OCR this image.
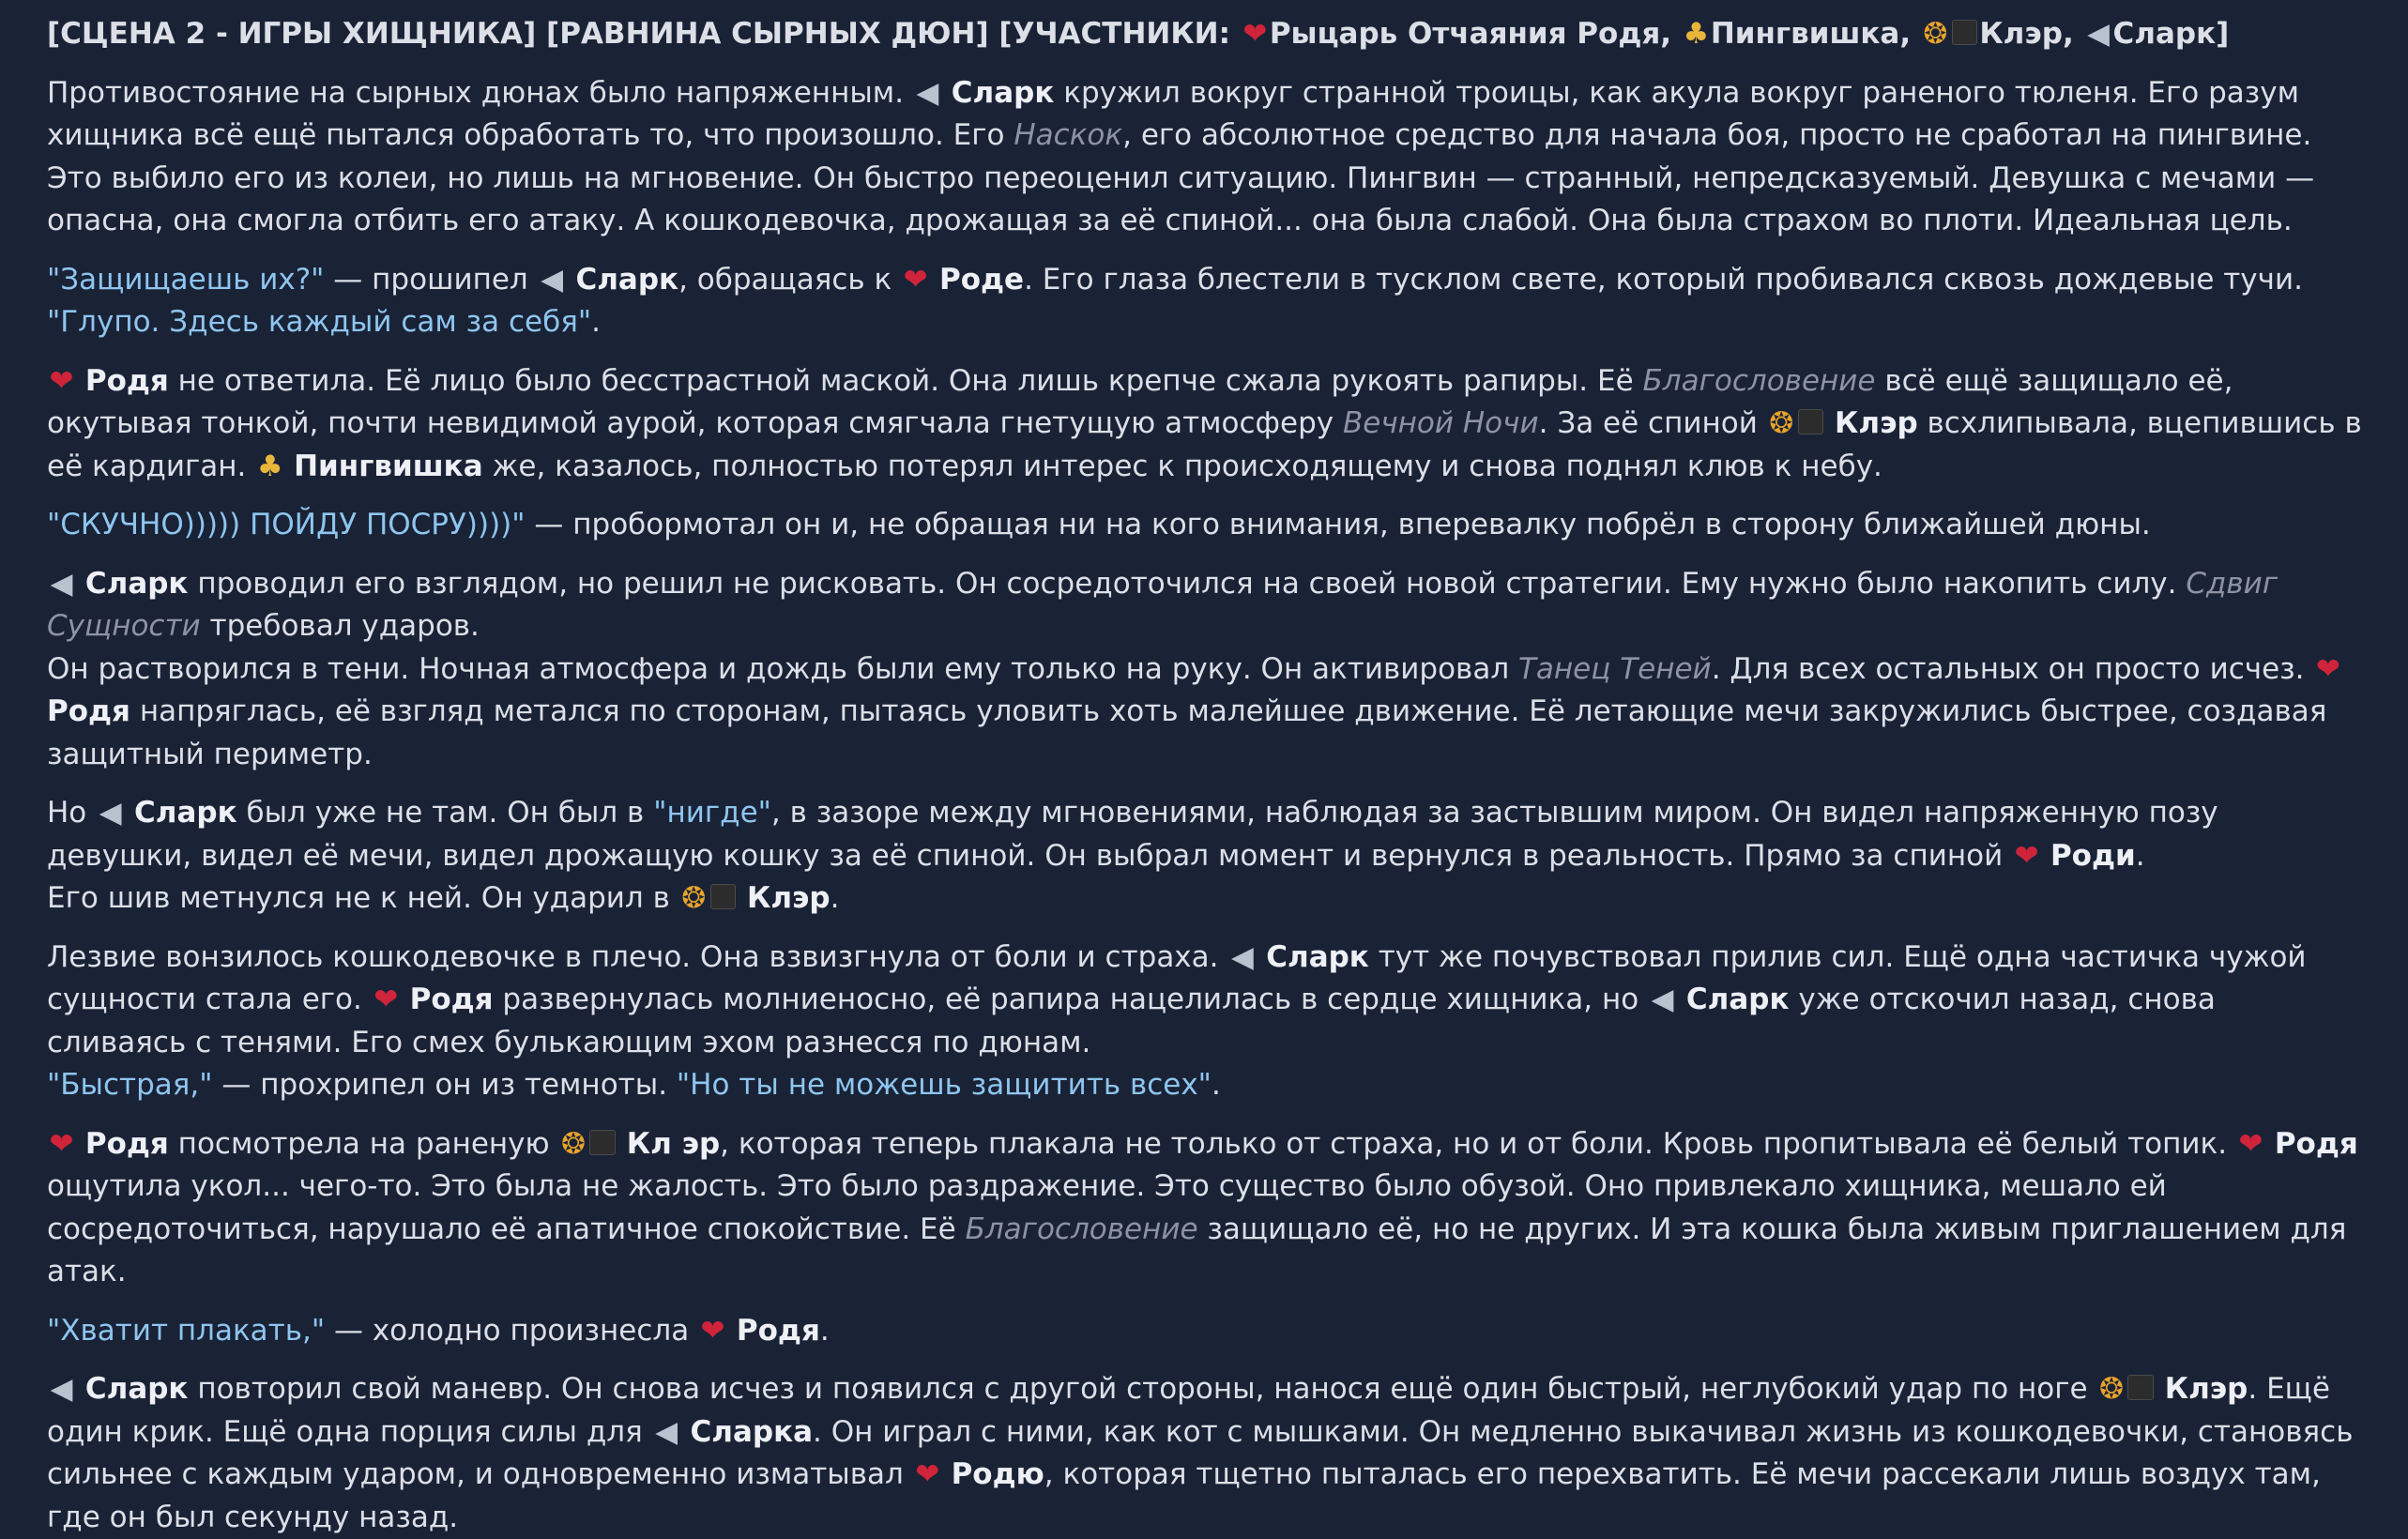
[СЦЕНА 2 - ИГРЫ ХИЩНИКА] [РАВНИНА СЫРНЫХ ДЮН] [УЧАСТНИКИ: ❤︎Рыцарь Отчаяния Родя, ♣Пингвишка, ❂ Клэр, ◀ Сларк]

Противостояние на сырных дюнах было напряженным. ◀ Сларк кружил вокруг странной троицы, как акула вокруг раненого тюленя. Его разум хищника всё ещё пытался обработать то, что произошло. Его Наскок, его абсолютное средство для начала боя, просто не сработал на пингвине. Это выбило его из колеи, но лишь на мгновение. Он быстро переоценил ситуацию. Пингвин — странный, непредсказуемый. Девушка с мечами — опасна, она смогла отбить его атаку. А кошкодевочка, дрожащая за её спиной... она была слабой. Она была страхом во плоти. Идеальная цель.

"Защищаешь их?" — прошипел ◀ Сларк, обращаясь к ❤︎ Роде. Его глаза блестели в тусклом свете, который пробивался сквозь дождевые тучи. "Глупо. Здесь каждый сам за себя".

❤︎ Родя не ответила. Её лицо было бесстрастной маской. Она лишь крепче сжала рукоять рапиры. Её Благословение всё ещё защищало её, окутывая тонкой, почти невидимой аурой, которая смягчала гнетущую атмосферу Вечной Ночи. За её спиной ❂ Клэр всхлипывала, вцепившись в её кардиган. ♣ Пингвишка же, казалось, полностью потерял интерес к происходящему и снова поднял клюв к небу.

"СКУЧНО))))) ПОЙДУ ПОСРУ))))" — пробормотал он и, не обращая ни на кого внимания, вперевалку побрёл в сторону ближайшей дюны.

◀ Сларк проводил его взглядом, но решил не рисковать. Он сосредоточился на своей новой стратегии. Ему нужно было накопить силу. Сдвиг Сущности требовал ударов.
Он растворился в тени. Ночная атмосфера и дождь были ему только на руку. Он активировал Танец Теней. Для всех остальных он просто исчез. ❤︎ Родя напряглась, её взгляд метался по сторонам, пытаясь уловить хоть малейшее движение. Её летающие мечи закружились быстрее, создавая защитный периметр.

Но ◀ Сларк был уже не там. Он был в "нигде", в зазоре между мгновениями, наблюдая за застывшим миром. Он видел напряженную позу девушки, видел её мечи, видел дрожащую кошку за её спиной. Он выбрал момент и вернулся в реальность. Прямо за спиной ❤︎ Роди.
Его шив метнулся не к ней. Он ударил в ❂ Клэр.

Лезвие вонзилось кошкодевочке в плечо. Она взвизгнула от боли и страха. ◀ Сларк тут же почувствовал прилив сил. Ещё одна частичка чужой сущности стала его. ❤︎ Родя развернулась молниеносно, её рапира нацелилась в сердце хищника, но ◀ Сларк уже отскочил назад, снова сливаясь с тенями. Его смех булькающим эхом разнесся по дюнам.
"Быстрая," — прохрипел он из темноты. "Но ты не можешь защитить всех".

❤︎ Родя посмотрела на раненую ❂ Кл эр, которая теперь плакала не только от страха, но и от боли. Кровь пропитывала её белый топик. ❤︎ Родя ощутила укол... чего-то. Это была не жалость. Это было раздражение. Это существо было обузой. Оно привлекало хищника, мешало ей сосредоточиться, нарушало её апатичное спокойствие. Её Благословение защищало её, но не других. И эта кошка была живым приглашением для атак.

"Хватит плакать," — холодно произнесла ❤︎ Родя.

◀ Сларк повторил свой маневр. Он снова исчез и появился с другой стороны, нанося ещё один быстрый, неглубокий удар по ноге ❂ Клэр. Ещё один крик. Ещё одна порция силы для ◀ Сларка. Он играл с ними, как кот с мышками. Он медленно выкачивал жизнь из кошкодевочки, становясь сильнее с каждым ударом, и одновременно изматывал ❤︎ Родю, которая тщетно пыталась его перехватить. Её мечи рассекали лишь воздух там, где он был секунду назад.
